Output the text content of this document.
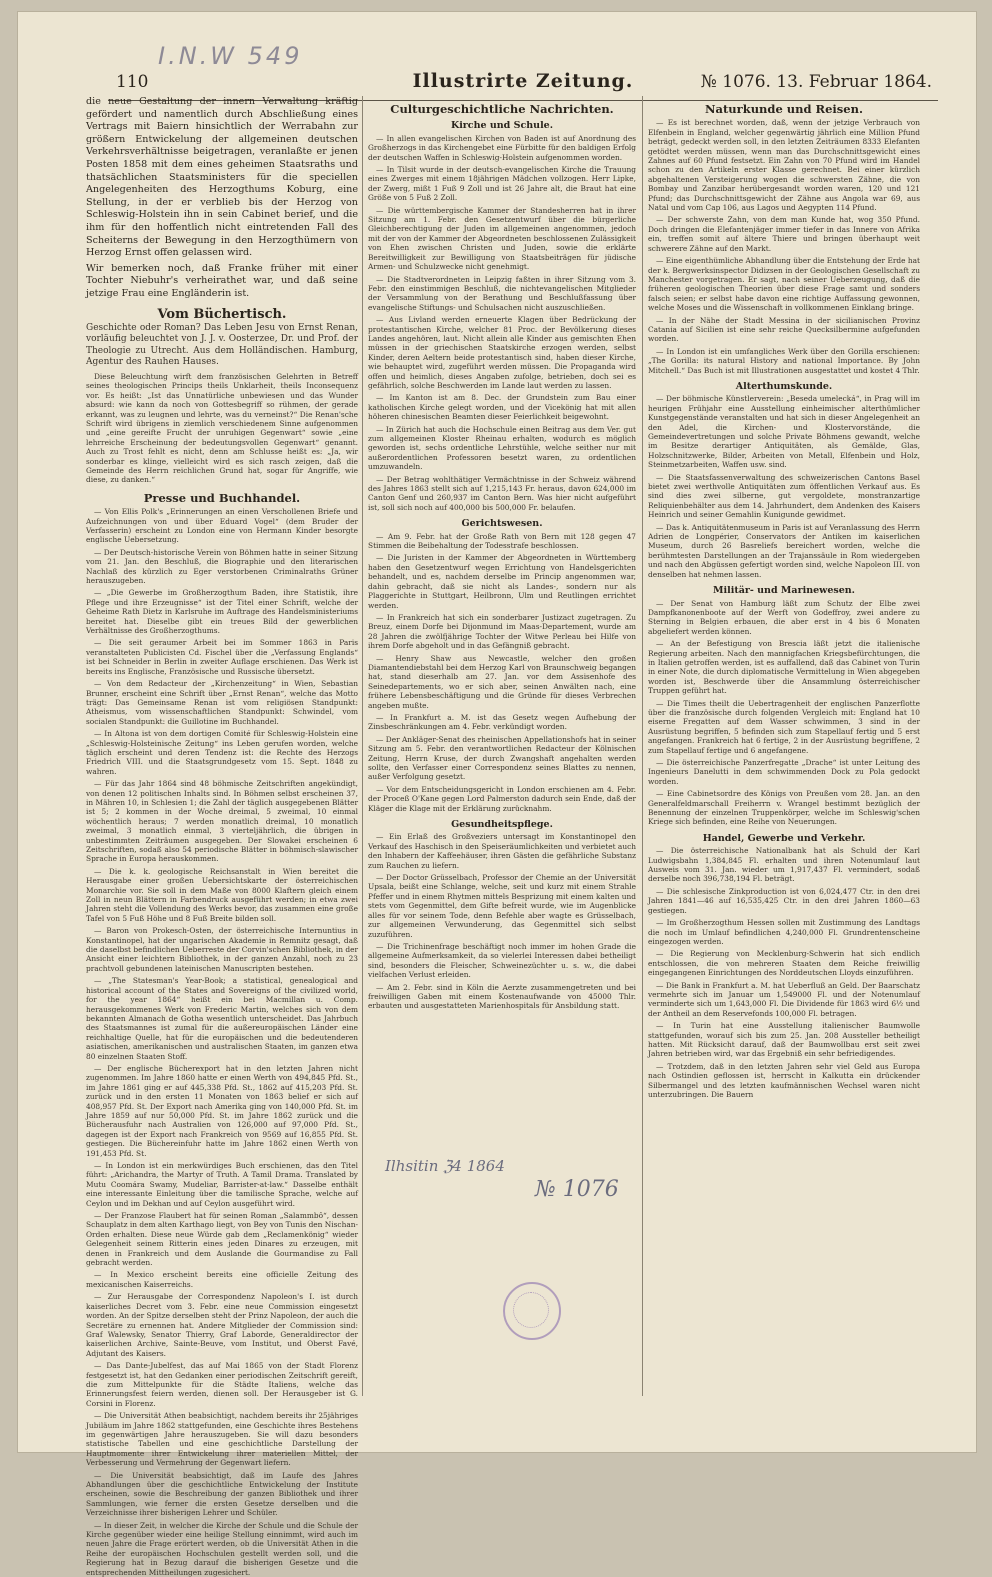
I.N.W 549
110	Illustrirte Zeitung.	№ 1076. 13. Februar 1864.

die neue Gestaltung der innern Verwaltung kräftig gefördert und namentlich durch Abschließung eines Vertrags mit Baiern hinsichtlich der Werrabahn zur größern Entwickelung der allgemeinen deutschen Verkehrsverhältnisse beigetragen, veranlaßte er jenen Posten 1858 mit dem eines geheimen Staatsraths und thatsächlichen Staatsministers für die speciellen Angelegenheiten des Herzogthums Koburg, eine Stellung, in der er verblieb bis der Herzog von Schleswig-Holstein ihn in sein Cabinet berief, und die ihm für den hoffentlich nicht eintretenden Fall des Scheiterns der Bewegung in den Herzogthümern von Herzog Ernst offen gelassen wird.

Wir bemerken noch, daß Franke früher mit einer Tochter Niebuhr's verheirathet war, und daß seine jetzige Frau eine Engländerin ist.

Vom Büchertisch.

Geschichte oder Roman? Das Leben Jesu von Ernst Renan, vorläufig beleuchtet von J. J. v. Oosterzee, Dr. und Prof. der Theologie zu Utrecht. Aus dem Holländischen. Hamburg, Agentur des Rauhen Hauses.

Diese Beleuchtung wirft dem französischen Gelehrten in Betreff seines theologischen Princips theils Unklarheit, theils Inconsequenz vor. Es heißt: „Ist das Unnatürliche unbewiesen und das Wunder absurd: wie kann da noch von Gottesbegriff so rühmen, der gerade erkannt, was zu leugnen und lehrte, was du verneinst?“ Die Renan'sche Schrift wird übrigens in ziemlich verschiedenem Sinne aufgenommen und „eine gereifte Frucht der unruhigen Gegenwart“ sowie „eine lehrreiche Erscheinung der bedeutungsvollen Gegenwart“ genannt. Auch zu Trost fehlt es nicht, denn am Schlusse heißt es: „Ja, wir sonderbar es klinge, vielleicht wird es sich rasch zeigen, daß die Gemeinde des Herrn reichlichen Grund hat, sogar für Angriffe, wie diese, zu danken.“

Presse und Buchhandel.

— Von Ellis Polk's „Erinnerungen an einen Verschollenen Briefe und Aufzeichnungen von und über Eduard Vogel“ (dem Bruder der Verfasserin) erscheint zu London eine von Hermann Kinder besorgte englische Uebersetzung.

— Der Deutsch-historische Verein von Böhmen hatte in seiner Sitzung vom 21. Jan. den Beschluß, die Biographie und den literarischen Nachlaß des kürzlich zu Eger verstorbenen Criminalraths Grüner herauszugeben.

— „Die Gewerbe im Großherzogthum Baden, ihre Statistik, ihre Pflege und ihre Erzeugnisse“ ist der Titel einer Schrift, welche der Geheime Rath Dietz in Karlsruhe im Auftrage des Handelsministeriums bereitet hat. Dieselbe gibt ein treues Bild der gewerblichen Verhältnisse des Großherzogthums.

— Die seit geraumer Arbeit bei im Sommer 1863 in Paris veranstalteten Publicisten Cd. Fischel über die „Verfassung Englands“ ist bei Schneider in Berlin in zweiter Auflage erschienen. Das Werk ist bereits ins Englische, Französische und Russische übersetzt.

— Von dem Redacteur der „Kirchenzeitung“ in Wien, Sebastian Brunner, erscheint eine Schrift über „Ernst Renan“, welche das Motto trägt: Das Gemeinsame Renan ist vom religiösen Standpunkt: Atheismus, vom wissenschaftlichen Standpunkt: Schwindel, vom socialen Standpunkt: die Guillotine im Buchhandel.

— In Altona ist von dem dortigen Comité für Schleswig-Holstein eine „Schleswig-Holsteinische Zeitung“ ins Leben gerufen worden, welche täglich erscheint und deren Tendenz ist: die Rechte des Herzogs Friedrich VIII. und die Staatsgrundgesetz vom 15. Sept. 1848 zu wahren.

— Für das Jahr 1864 sind 48 böhmische Zeitschriften angekündigt, von denen 12 politischen Inhalts sind. In Böhmen selbst erscheinen 37, in Mähren 10, in Schlesien 1; die Zahl der täglich ausgegebenen Blätter ist 5; 2 kommen in der Woche dreimal, 5 zweimal, 10 einmal wöchentlich heraus; 7 werden monatlich dreimal, 10 monatlich zweimal, 3 monatlich einmal, 3 vierteljährlich, die übrigen in unbestimmten Zeiträumen ausgegeben. Der Slowakei erscheinen 6 Zeitschriften, sodaß also 54 periodische Blätter in böhmisch-slawischer Sprache in Europa herauskommen.

— Die k. k. geologische Reichsanstalt in Wien bereitet die Herausgabe einer großen Uebersichtskarte der österreichischen Monarchie vor. Sie soll in dem Maße von 8000 Klaftern gleich einem Zoll in neun Blättern in Farbendruck ausgeführt werden; in etwa zwei Jahren steht die Vollendung des Werks bevor, das zusammen eine große Tafel von 5 Fuß Höhe und 8 Fuß Breite bilden soll.

— Baron von Prokesch-Osten, der österreichische Internuntius in Konstantinopel, hat der ungarischen Akademie in Remnitz gesagt, daß die daselbst befindlichen Ueberreste der Corvin'schen Bibliothek, in der Ansicht einer leichtern Bibliothek, in der ganzen Anzahl, noch zu 23 prachtvoll gebundenen lateinischen Manuscripten bestehen.

— „The Statesman's Year-Book; a statistical, genealogical and historical account of the States and Sovereigns of the civilized world, for the year 1864“ heißt ein bei Macmillan u. Comp. herausgekommenes Werk von Frederic Martin, welches sich von dem bekannten Almanach de Gotha wesentlich unterscheidet. Das Jahrbuch des Staatsmannes ist zumal für die außereuropäischen Länder eine reichhaltige Quelle, hat für die europäischen und die bedeutenderen asiatischen, amerikanischen und australischen Staaten, im ganzen etwa 80 einzelnen Staaten Stoff.

— Der englische Bücherexport hat in den letzten Jahren nicht zugenommen. Im Jahre 1860 hatte er einen Werth von 494,845 Pfd. St., im Jahre 1861 ging er auf 445,338 Pfd. St., 1862 auf 415,203 Pfd. St. zurück und in den ersten 11 Monaten von 1863 belief er sich auf 408,957 Pfd. St. Der Export nach Amerika ging von 140,000 Pfd. St. im Jahre 1859 auf nur 50,000 Pfd. St. im Jahre 1862 zurück und die Bücherausfuhr nach Australien von 126,000 auf 97,000 Pfd. St., dagegen ist der Export nach Frankreich von 9569 auf 16,855 Pfd. St. gestiegen. Die Büchereinfuhr hatte im Jahre 1862 einen Werth von 191,453 Pfd. St.

— In London ist ein merkwürdiges Buch erschienen, das den Titel führt: „Arichandra, the Martyr of Truth. A Tamil Drama. Translated by Mutu Coomára Swamy, Mudeliar, Barrister-at-law.“ Dasselbe enthält eine interessante Einleitung über die tamilische Sprache, welche auf Ceylon und im Dekhan und auf Ceylon ausgeführt wird.

— Der Franzose Flaubert hat für seinen Roman „Salammbô“, dessen Schauplatz in dem alten Karthago liegt, von Bey von Tunis den Nischan-Orden erhalten. Diese neue Würde gab dem „Reclamenkönig“ wieder Gelegenheit seinem Ritterin eines jeden Dinares zu erzeugen, mit denen in Frankreich und dem Auslande die Gourmandise zu Fall gebracht werden.

— In Mexico erscheint bereits eine officielle Zeitung des mexicanischen Kaiserreichs.

— Zur Herausgabe der Correspondenz Napoleon's I. ist durch kaiserliches Decret vom 3. Febr. eine neue Commission eingesetzt worden. An der Spitze derselben steht der Prinz Napoleon, der auch die Secretäre zu ernennen hat. Andere Mitglieder der Commission sind: Graf Walewsky, Senator Thierry, Graf Laborde, Generaldirector der kaiserlichen Archive, Sainte-Beuve, vom Institut, und Oberst Favé, Adjutant des Kaisers.

— Das Dante-Jubelfest, das auf Mai 1865 von der Stadt Florenz festgesetzt ist, hat den Gedanken einer periodischen Zeitschrift gereift, die zum Mittelpunkte für die Städte Italiens, welche das Erinnerungsfest feiern werden, dienen soll. Der Herausgeber ist G. Corsini in Florenz.

— Die Universität Athen beabsichtigt, nachdem bereits ihr 25jähriges Jubiläum im Jahre 1862 stattgefunden, eine Geschichte ihres Bestehens im gegenwärtigen Jahre herauszugeben. Sie will dazu besonders statistische Tabellen und eine geschichtliche Darstellung der Hauptmomente ihrer Entwickelung ihrer materiellen Mittel, der Verbesserung und Vermehrung der Gegenwart liefern.

— Die Universität beabsichtigt, daß im Laufe des Jahres Abhandlungen über die geschichtliche Entwickelung der Institute erscheinen, sowie die Beschreibung der ganzen Bibliothek und ihrer Sammlungen, wie ferner die ersten Gesetze derselben und die Verzeichnisse ihrer bisherigen Lehrer und Schüler.

— In dieser Zeit, in welcher die Kirche der Schule und die Schule der Kirche gegenüber wieder eine heilige Stellung einnimmt, wird auch im neuen Jahre die Frage erörtert werden, ob die Universität Athen in die Reihe der europäischen Hochschulen gestellt werden soll, und die Regierung hat in Bezug darauf die bisherigen Gesetze und die entsprechenden Mittheilungen zugesichert.

Culturgeschichtliche Nachrichten.
Kirche und Schule.

— In allen evangelischen Kirchen von Baden ist auf Anordnung des Großherzogs in das Kirchengebet eine Fürbitte für den baldigen Erfolg der deutschen Waffen in Schleswig-Holstein aufgenommen worden.

— In Tilsit wurde in der deutsch-evangelischen Kirche die Trauung eines Zwerges mit einem 18jährigen Mädchen vollzogen. Herr Lipke, der Zwerg, mißt 1 Fuß 9 Zoll und ist 26 Jahre alt, die Braut hat eine Größe von 5 Fuß 2 Zoll.

— Die württembergische Kammer der Standesherren hat in ihrer Sitzung am 1. Febr. den Gesetzentwurf über die bürgerliche Gleichberechtigung der Juden im allgemeinen angenommen, jedoch mit der von der Kammer der Abgeordneten beschlossenen Zulässigkeit von Ehen zwischen Christen und Juden, sowie die erklärte Bereitwilligkeit zur Bewilligung von Staatsbeiträgen für jüdische Armen- und Schulzwecke nicht genehmigt.

— Die Stadtverordneten in Leipzig faßten in ihrer Sitzung vom 3. Febr. den einstimmigen Beschluß, die nichtevangelischen Mitglieder der Versammlung von der Berathung und Beschlußfassung über evangelische Stiftungs- und Schulsachen nicht auszuschließen.

— Aus Livland werden erneuerte Klagen über Bedrückung der protestantischen Kirche, welcher 81 Proc. der Bevölkerung dieses Landes angehören, laut. Nicht allein alle Kinder aus gemischten Ehen müssen in der griechischen Staatskirche erzogen werden, selbst Kinder, deren Aeltern beide protestantisch sind, haben dieser Kirche, wie behauptet wird, zugeführt werden müssen. Die Propaganda wird offen und heimlich, dieses Angaben zufolge, betrieben, doch sei es gefährlich, solche Beschwerden im Lande laut werden zu lassen.

— Im Kanton ist am 8. Dec. der Grundstein zum Bau einer katholischen Kirche gelegt worden, und der Vicekönig hat mit allen höheren chinesischen Beamten dieser Feierlichkeit beigewohnt.

— In Zürich hat auch die Hochschule einen Beitrag aus dem Ver. gut zum allgemeinen Kloster Rheinau erhalten, wodurch es möglich geworden ist, sechs ordentliche Lehrstühle, welche seither nur mit außerordentlichen Professoren besetzt waren, zu ordentlichen umzuwandeln.

— Der Betrag wohlthätiger Vermächtnisse in der Schweiz während des Jahres 1863 stellt sich auf 1,215,143 Fr. heraus, davon 624,000 im Canton Genf und 260,937 im Canton Bern. Was hier nicht aufgeführt ist, soll sich noch auf 400,000 bis 500,000 Fr. belaufen.

Gerichtswesen.

— Am 9. Febr. hat der Große Rath von Bern mit 128 gegen 47 Stimmen die Beibehaltung der Todesstrafe beschlossen.

— Die Juristen in der Kammer der Abgeordneten in Württemberg haben den Gesetzentwurf wegen Errichtung von Handelsgerichten behandelt, und es, nachdem derselbe im Princip angenommen war, dahin gebracht, daß sie nicht als Landes-, sondern nur als Plaggerichte in Stuttgart, Heilbronn, Ulm und Reutlingen errichtet werden.

— In Frankreich hat sich ein sonderbarer Justizact zugetragen. Zu Breuz, einem Dorfe bei Dijonmund im Maas-Departement, wurde am 28 Jahren die zwölfjährige Tochter der Witwe Perleau bei Hilfe von ihrem Dorfe abgeholt und in das Gefängniß gebracht.

— Henry Shaw aus Newcastle, welcher den großen Diamantendiebstahl bei dem Herzog Karl von Braunschweig begangen hat, stand dieserhalb am 27. Jan. vor dem Assisenhofe des Seinedepartements, wo er sich aber, seinen Anwälten nach, eine frühere Lebensbeschäftigung und die Gründe für dieses Verbrechen angeben mußte.

— In Frankfurt a. M. ist das Gesetz wegen Aufhebung der Zinsbeschränkungen am 4. Febr. verkündigt worden.

— Der Ankläger-Senat des rheinischen Appellationshofs hat in seiner Sitzung am 5. Febr. den verantwortlichen Redacteur der Kölnischen Zeitung, Herrn Kruse, der durch Zwangshaft angehalten werden sollte, den Verfasser einer Correspondenz seines Blattes zu nennen, außer Verfolgung gesetzt.

— Vor dem Entscheidungsgericht in London erschienen am 4. Febr. der Proceß O'Kane gegen Lord Palmerston dadurch sein Ende, daß der Kläger die Klage mit der Erklärung zurücknahm.

Gesundheitspflege.

— Ein Erlaß des Großveziers untersagt im Konstantinopel den Verkauf des Haschisch in den Speiseräumlichkeiten und verbietet auch den Inhabern der Kaffeehäuser, ihren Gästen die gefährliche Substanz zum Rauchen zu liefern.

— Der Doctor Grüsselbach, Professor der Chemie an der Universität Upsala, beißt eine Schlange, welche, seit und kurz mit einem Strahle Pfeffer und in einem Rhytmen mittels Besprizung mit einem kalten und stets vom Gegenmittel, dem Gifte befreit wurde, wie im Augenblicke alles für vor seinem Tode, denn Befehle aber wagte es Grüsselbach, zur allgemeinen Verwunderung, das Gegenmittel sich selbst zuzuführen.

— Die Trichinenfrage beschäftigt noch immer im hohen Grade die allgemeine Aufmerksamkeit, da so vielerlei Interessen dabei betheiligt sind, besonders die Fleischer, Schweinezüchter u. s. w., die dabei vielfachen Verlust erleiden.

— Am 2. Febr. sind in Köln die Aerzte zusammengetreten und bei freiwilligen Gaben mit einem Kostenaufwande von 45000 Thlr. erbauten und ausgestatteten Marienhospitals für Ansbildung statt.

Ilhsitin ℨ4 1864
№ 1076
Naturkunde und Reisen.

— Es ist berechnet worden, daß, wenn der jetzige Verbrauch von Elfenbein in England, welcher gegenwärtig jährlich eine Million Pfund beträgt, gedeckt werden soll, in den letzten Zeiträumen 8333 Elefanten getödtet werden müssen, wenn man das Durchschnittsgewicht eines Zahnes auf 60 Pfund festsetzt. Ein Zahn von 70 Pfund wird im Handel schon zu den Artikeln erster Klasse gerechnet. Bei einer kürzlich abgehaltenen Versteigerung wogen die schwersten Zähne, die von Bombay und Zanzibar herübergesandt worden waren, 120 und 121 Pfund; das Durchschnittsgewicht der Zähne aus Angola war 69, aus Natal und vom Cap 106, aus Lagos und Aegypten 114 Pfund.

— Der schwerste Zahn, von dem man Kunde hat, wog 350 Pfund. Doch dringen die Elefantenjäger immer tiefer in das Innere von Afrika ein, treffen somit auf ältere Thiere und bringen überhaupt weit schwerere Zähne auf den Markt.

— Eine eigenthümliche Abhandlung über die Entstehung der Erde hat der k. Bergwerksinspector Didizsen in der Geologischen Gesellschaft zu Manchester vorgetragen. Er sagt, nach seiner Ueberzeugung, daß die früheren geologischen Theorien über diese Frage samt und sonders falsch seien; er selbst habe davon eine richtige Auffassung gewonnen, welche Moses und die Wissenschaft in vollkommenen Einklang bringe.

— In der Nähe der Stadt Messina in der sicilianischen Provinz Catania auf Sicilien ist eine sehr reiche Quecksilbermine aufgefunden worden.

— In London ist ein umfangliches Werk über den Gorilla erschienen: „The Gorilla: its natural History and national Importance. By John Mitchell.“ Das Buch ist mit Illustrationen ausgestattet und kostet 4 Thlr.

Alterthumskunde.

— Der böhmische Künstlerverein: „Besedа umelecká“, in Prag will im heurigen Frühjahr eine Ausstellung einheimischer alterthümlicher Kunstgegenstände veranstalten und hat sich in dieser Angelegenheit an den Adel, die Kirchen- und Klostervorstände, die Gemeindevertretungen und solche Private Böhmens gewandt, welche im Besitze derartiger Antiquitäten, als Gemälde, Glas, Holzschnitzwerke, Bilder, Arbeiten von Metall, Elfenbein und Holz, Steinmetzarbeiten, Waffen usw. sind.

— Die Staatsfassenverwaltung des schweizerischen Cantons Basel bietet zwei werthvolle Antiquitäten zum öffentlichen Verkauf aus. Es sind dies zwei silberne, gut vergoldete, monstranzartige Reliquienbehälter aus dem 14. Jahrhundert, dem Andenken des Kaisers Heinrich und seiner Gemahlin Kunigunde gewidmet.

— Das k. Antiquitätenmuseum in Paris ist auf Veranlassung des Herrn Adrien de Longpérier, Conservators der Antiken im kaiserlichen Museum, durch 26 Basreliefs bereichert worden, welche die berühmtesten Darstellungen an der Trajanssäule in Rom wiedergeben und nach den Abgüssen gefertigt worden sind, welche Napoleon III. von denselben hat nehmen lassen.

Militär- und Marinewesen.

— Der Senat von Hamburg läßt zum Schutz der Elbe zwei Dampfkanonenboote auf der Werft von Godeffroy, zwei andere zu Sterning in Belgien erbauen, die aber erst in 4 bis 6 Monaten abgeliefert werden können.

— An der Befestigung von Brescia läßt jetzt die italienische Regierung arbeiten. Nach den mannigfachen Kriegsbefürchtungen, die in Italien getroffen werden, ist es auffallend, daß das Cabinet von Turin in einer Note, die durch diplomatische Vermittelung in Wien abgegeben worden ist, Beschwerde über die Ansammlung österreichischer Truppen geführt hat.

— Die Times theilt die Uebertragenheit der englischen Panzerflotte über die französische durch folgenden Vergleich mit: England hat 10 eiserne Fregatten auf dem Wasser schwimmen, 3 sind in der Ausrüstung begriffen, 5 befinden sich zum Stapellauf fertig und 5 erst angefangen. Frankreich hat 6 fertige, 2 in der Ausrüstung begriffene, 2 zum Stapellauf fertige und 6 angefangene.

— Die österreichische Panzerfregatte „Drache“ ist unter Leitung des Ingenieurs Danelutti in dem schwimmenden Dock zu Pola gedockt worden.

— Eine Cabinetsordre des Königs von Preußen vom 28. Jan. an den Generalfeldmarschall Freiherrn v. Wrangel bestimmt bezüglich der Benennung der einzelnen Truppenkörper, welche im Schleswig'schen Kriege sich befinden, eine Reihe von Neuerungen.

Handel, Gewerbe und Verkehr.

— Die österreichische Nationalbank hat als Schuld der Karl Ludwigsbahn 1,384,845 Fl. erhalten und ihren Notenumlauf laut Ausweis vom 31. Jan. wieder um 1,917,437 Fl. vermindert, sodaß derselbe noch 396,738,194 Fl. beträgt.

— Die schlesische Zinkproduction ist von 6,024,477 Ctr. in den drei Jahren 1841—46 auf 16,535,425 Ctr. in den drei Jahren 1860—63 gestiegen.

— Im Großherzogthum Hessen sollen mit Zustimmung des Landtags die noch im Umlauf befindlichen 4,240,000 Fl. Grundrentenscheine eingezogen werden.

— Die Regierung von Mecklenburg-Schwerin hat sich endlich entschlossen, die von mehreren Staaten dem Reiche freiwillig eingegangenen Einrichtungen des Norddeutschen Lloyds einzuführen.

— Die Bank in Frankfurt a. M. hat Ueberfluß an Geld. Der Baarschatz vermehrte sich im Januar um 1,549000 Fl. und der Notenumlauf verminderte sich um 1,643,000 Fl. Die Dividende für 1863 wird 6½ und der Antheil an dem Reservefonds 100,000 Fl. betragen.

— In Turin hat eine Ausstellung italienischer Baumwolle stattgefunden, worauf sich bis zum 25. Jan. 208 Aussteller betheiligt hatten. Mit Rücksicht darauf, daß der Baumwollbau erst seit zwei Jahren betrieben wird, war das Ergebniß ein sehr befriedigendes.

— Trotzdem, daß in den letzten Jahren sehr viel Geld aus Europa nach Ostindien geflossen ist, herrscht in Kalkutta ein drückender Silbermangel und des letzten kaufmännischen Wechsel waren nicht unterzubringen. Die Bauern
